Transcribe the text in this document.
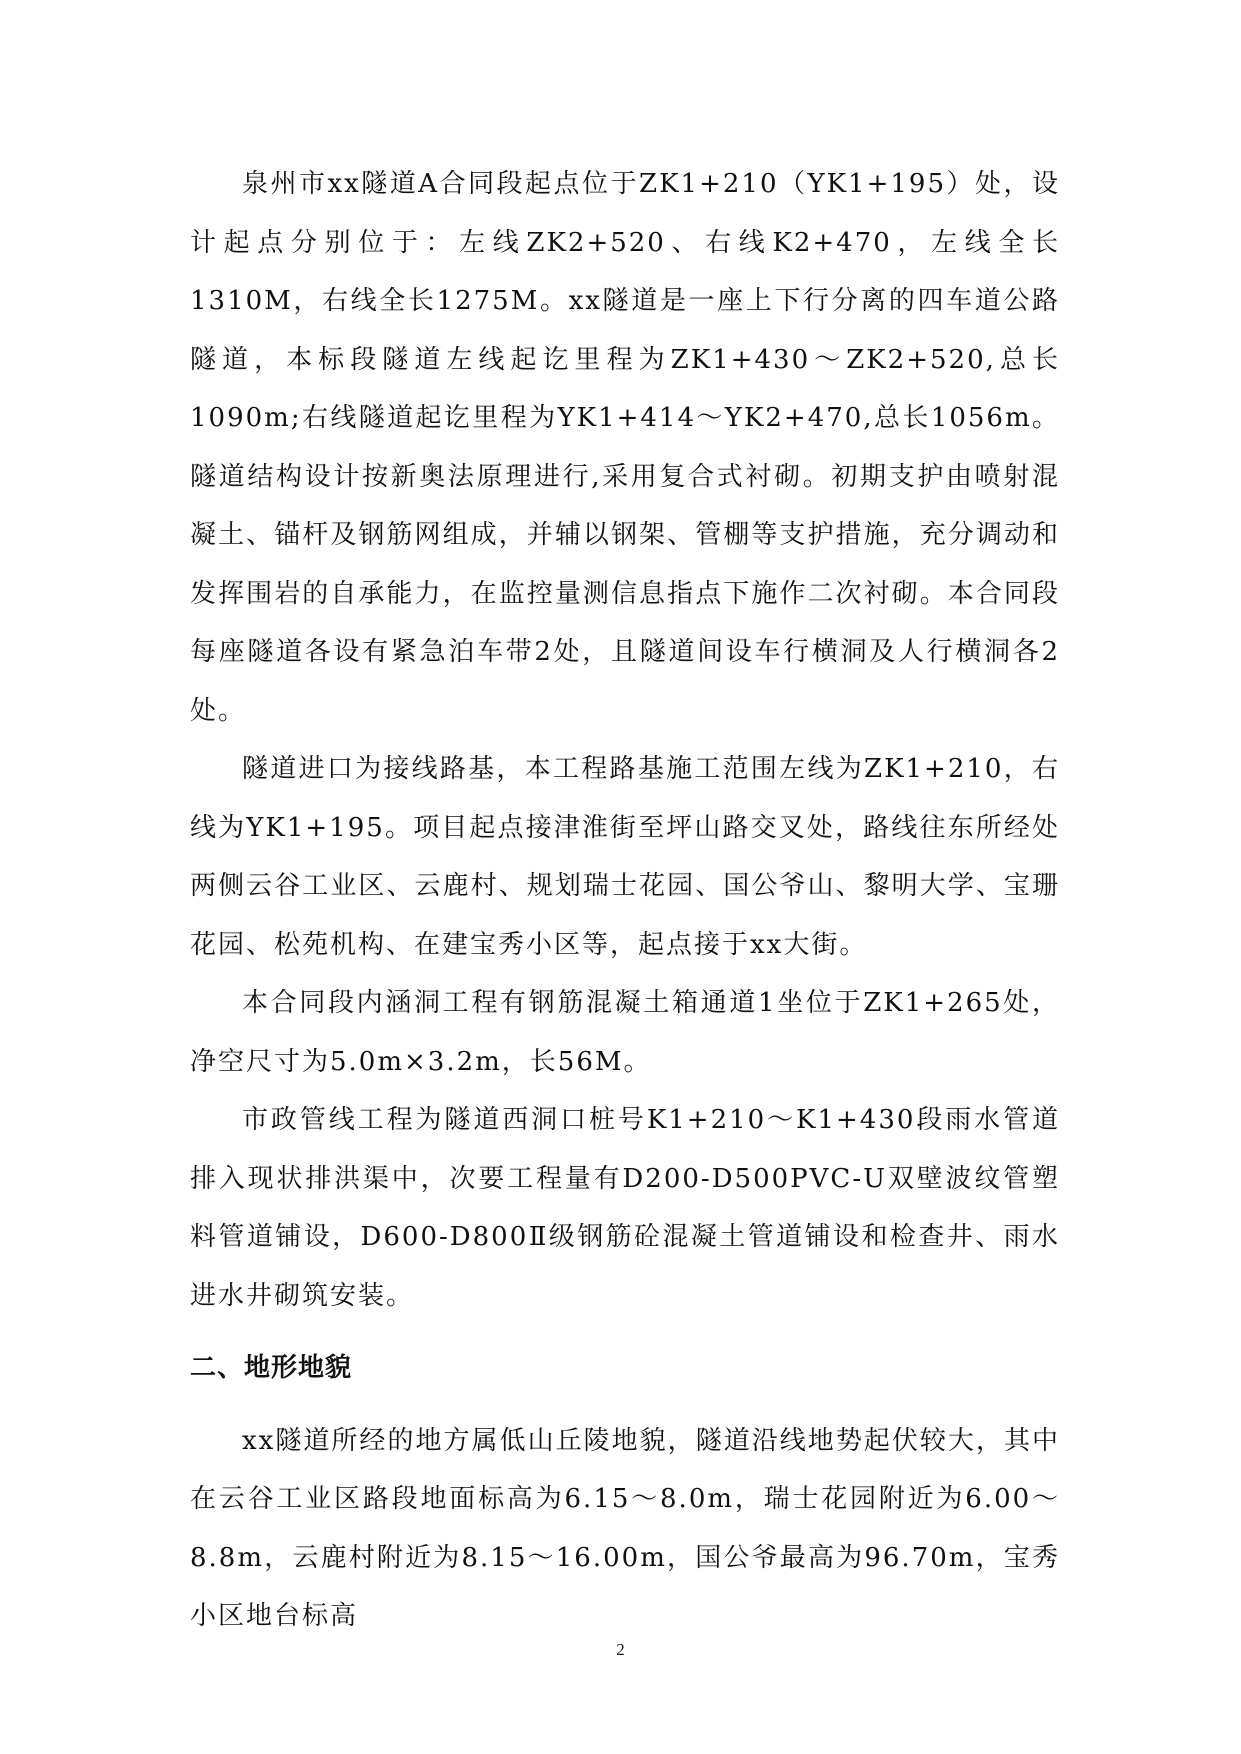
泉州市xx隧道A合同段起点位于ZK1+210（YK1+195）处，设计起点分别位于：左线ZK2+520、右线K2+470，左线全长1310M，右线全长1275M。xx隧道是一座上下行分离的四车道公路隧道，本标段隧道左线起讫里程为ZK1+430～ZK2+520,总长1090m;右线隧道起讫里程为YK1+414～YK2+470,总长1056m。隧道结构设计按新奥法原理进行,采用复合式衬砌。初期支护由喷射混凝土、锚杆及钢筋网组成，并辅以钢架、管棚等支护措施，充分调动和发挥围岩的自承能力，在监控量测信息指点下施作二次衬砌。本合同段每座隧道各设有紧急泊车带2处，且隧道间设车行横洞及人行横洞各2处。

隧道进口为接线路基，本工程路基施工范围左线为ZK1+210，右线为YK1+195。项目起点接津淮街至坪山路交叉处，路线往东所经处两侧云谷工业区、云鹿村、规划瑞士花园、国公爷山、黎明大学、宝珊花园、松苑机构、在建宝秀小区等，起点接于xx大街。

本合同段内涵洞工程有钢筋混凝土箱通道1坐位于ZK1+265处，净空尺寸为5.0m×3.2m，长56M。

市政管线工程为隧道西洞口桩号K1+210～K1+430段雨水管道排入现状排洪渠中，次要工程量有D200-D500PVC-U双壁波纹管塑料管道铺设，D600-D800Ⅱ级钢筋砼混凝土管道铺设和检查井、雨水进水井砌筑安装。

二、地形地貌

xx隧道所经的地方属低山丘陵地貌，隧道沿线地势起伏较大，其中在云谷工业区路段地面标高为6.15～8.0m，瑞士花园附近为6.00～8.8m，云鹿村附近为8.15～16.00m，国公爷最高为96.70m，宝秀小区地台标高

2
